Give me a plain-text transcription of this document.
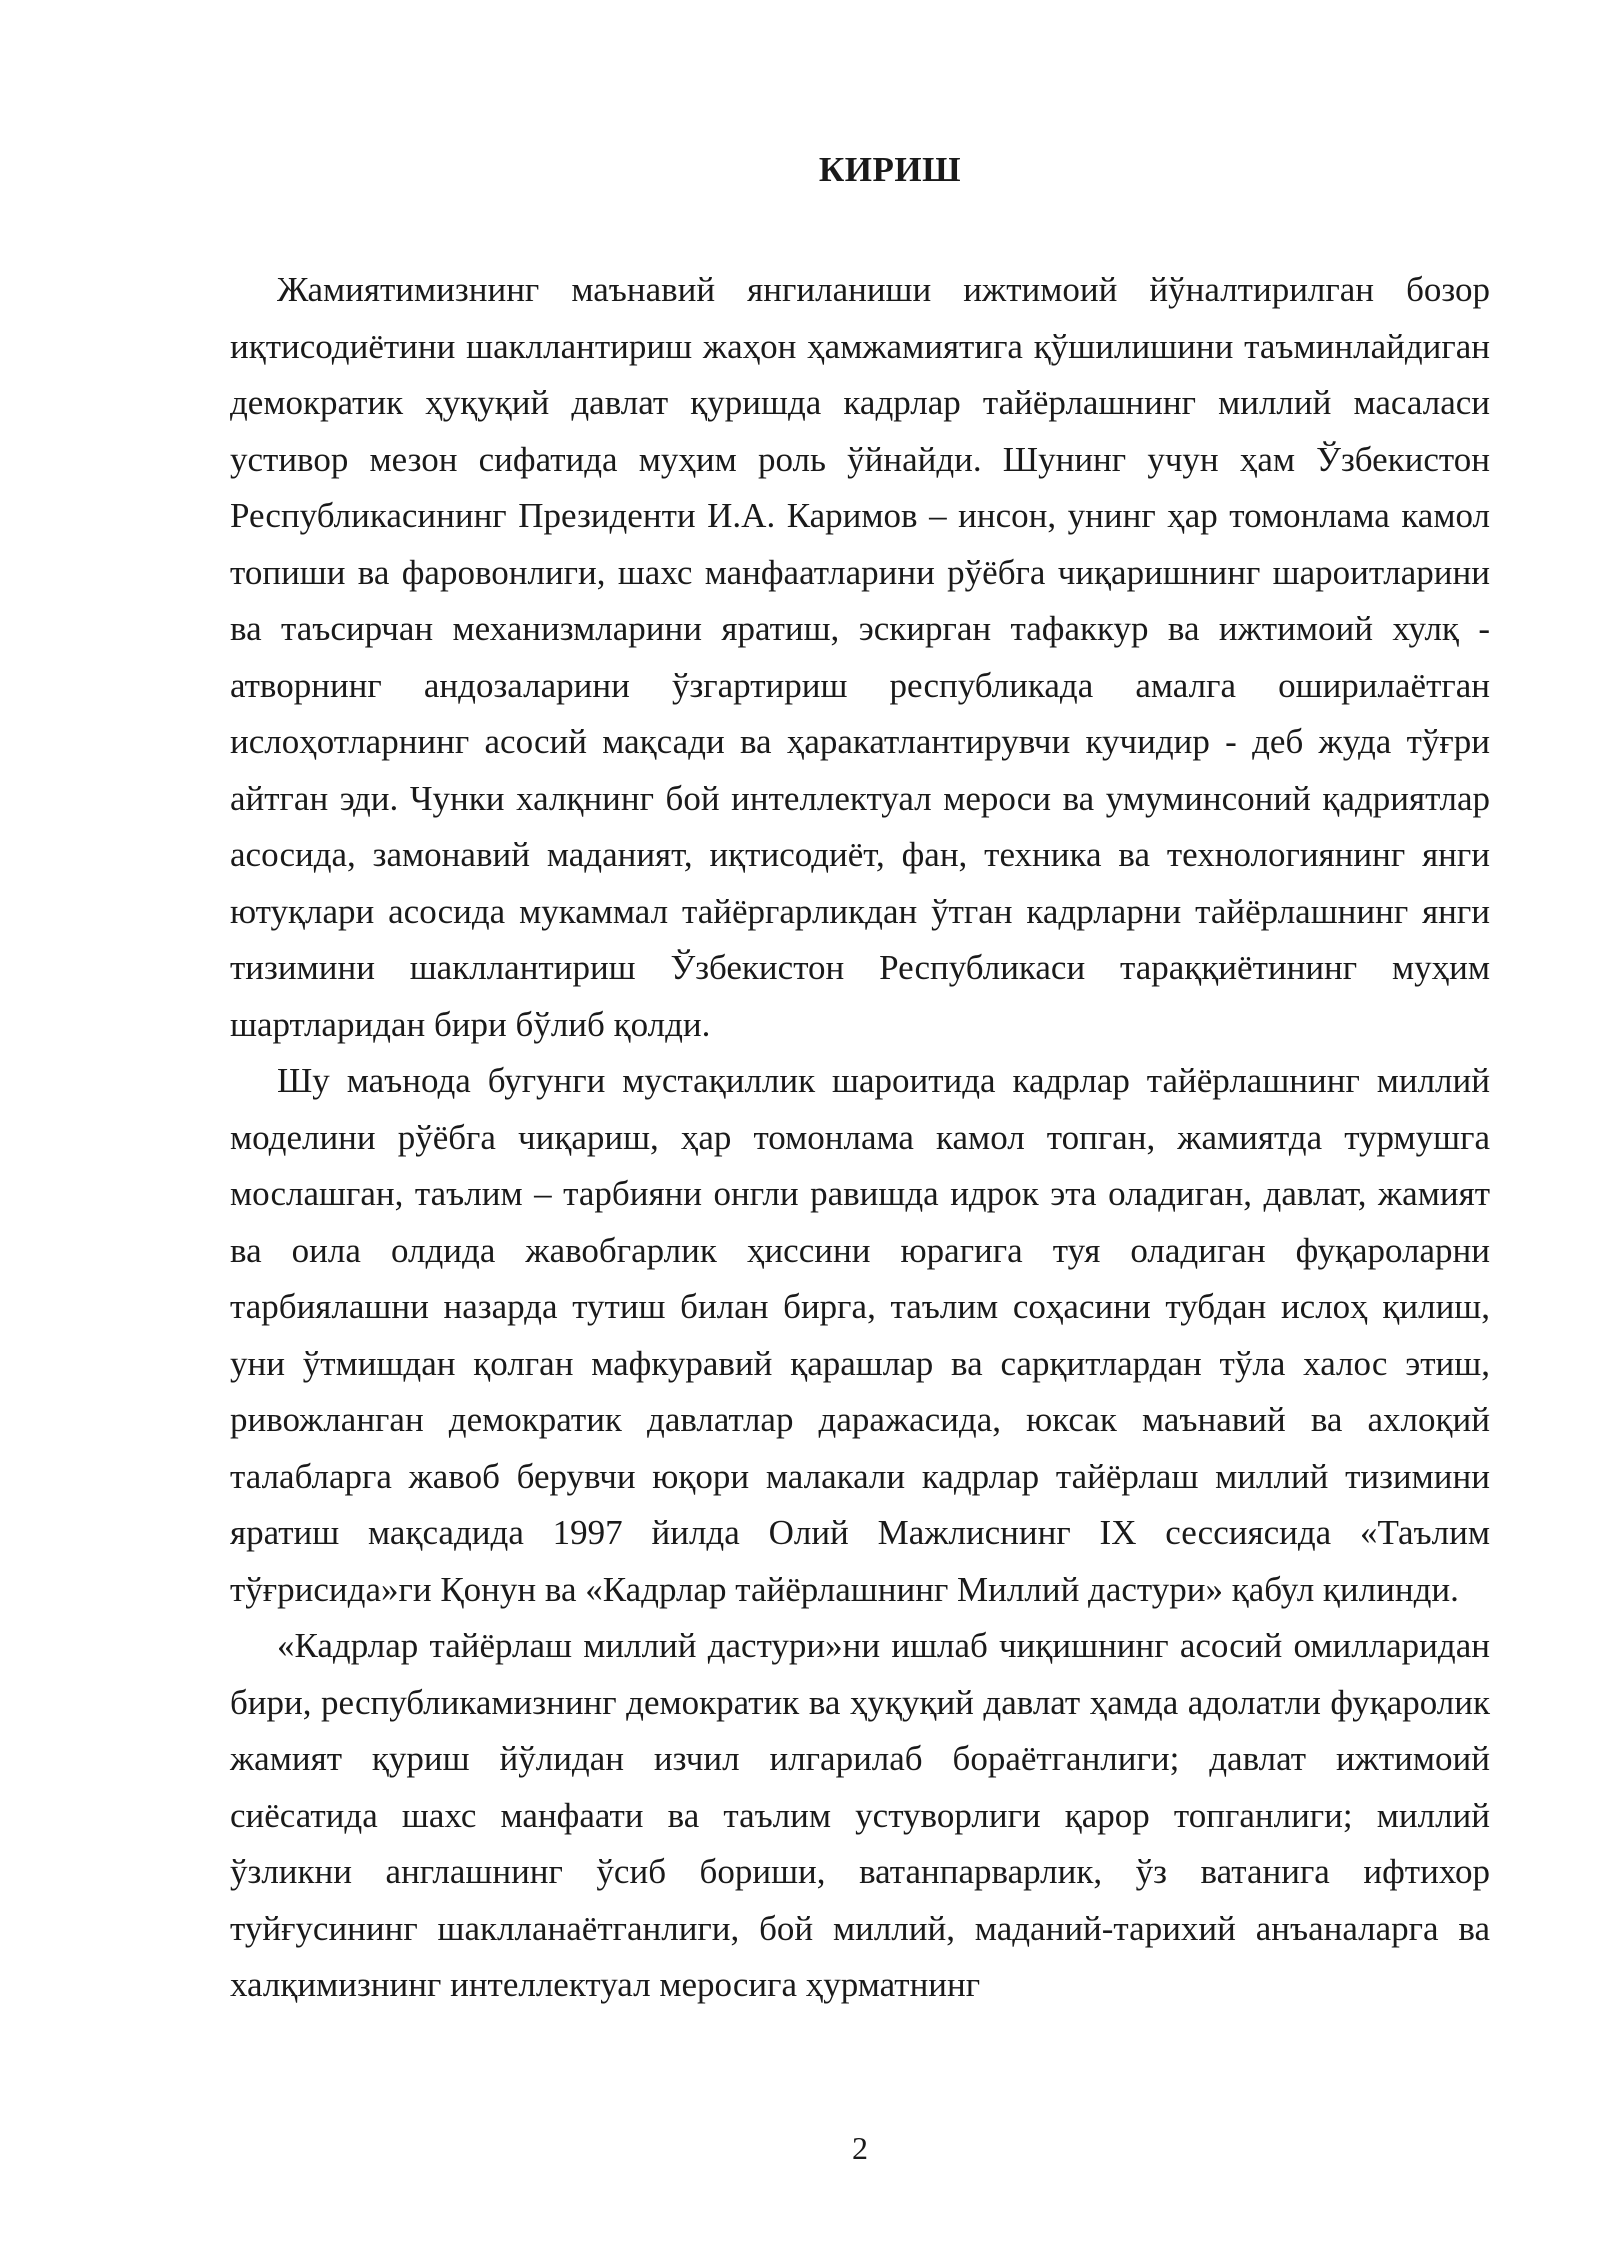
КИРИШ

Жамиятимизнинг маънавий янгиланиши ижтимоий йўналтирилган бозор иқтисодиётини шакллантириш жаҳон ҳамжамиятига қўшилишини таъминлайдиган демократик ҳуқуқий давлат қуришда кадрлар тайёрлашнинг миллий масаласи устивор мезон сифатида муҳим роль ўйнайди. Шунинг учун ҳам Ўзбекистон Республикасининг Президенти И.А. Каримов – инсон, унинг ҳар томонлама камол топиши ва фаровонлиги, шахс манфаатларини рўёбга чиқаришнинг шароитларини ва таъсирчан механизмларини яратиш, эскирган тафаккур ва ижтимоий хулқ - атворнинг андозаларини ўзгартириш республикада амалга оширилаётган ислоҳотларнинг асосий мақсади ва ҳаракатлантирувчи кучидир - деб жуда тўғри айтган эди. Чунки халқнинг бой интеллектуал мероси ва умуминсоний қадриятлар асосида, замонавий маданият, иқтисодиёт, фан, техника ва технологиянинг янги ютуқлари асосида мукаммал тайёргарликдан ўтган кадрларни тайёрлашнинг янги тизимини шакллантириш Ўзбекистон Республикаси тараққиётининг муҳим шартларидан бири бўлиб қолди.

Шу маънода бугунги мустақиллик шароитида кадрлар тайёрлашнинг миллий моделини рўёбга чиқариш, ҳар томонлама камол топган, жамиятда турмушга мослашган, таълим – тарбияни онгли равишда идрок эта оладиган, давлат, жамият ва оила олдида жавобгарлик ҳиссини юрагига туя оладиган фуқароларни тарбиялашни назарда тутиш билан бирга, таълим соҳасини тубдан ислоҳ қилиш, уни ўтмишдан қолган мафкуравий қарашлар ва сарқитлардан тўла халос этиш, ривожланган демократик давлатлар даражасида, юксак маънавий ва ахлоқий талабларга жавоб берувчи юқори малакали кадрлар тайёрлаш миллий тизимини яратиш мақсадида 1997 йилда Олий Мажлиснинг IX сессиясида «Таълим тўғрисида»ги Қонун ва «Кадрлар тайёрлашнинг Миллий дастури» қабул қилинди.

«Кадрлар тайёрлаш миллий дастури»ни ишлаб чиқишнинг асосий омилларидан бири, республикамизнинг демократик ва ҳуқуқий давлат ҳамда адолатли фуқаролик жамият қуриш йўлидан изчил илгарилаб бораётганлиги; давлат ижтимоий сиёсатида шахс манфаати ва таълим устуворлиги қарор топганлиги; миллий ўзликни англашнинг ўсиб бориши, ватанпарварлик, ўз ватанига ифтихор туйғусининг шаклланаётганлиги, бой миллий, маданий-тарихий анъаналарга ва халқимизнинг интеллектуал меросига ҳурматнинг

2
